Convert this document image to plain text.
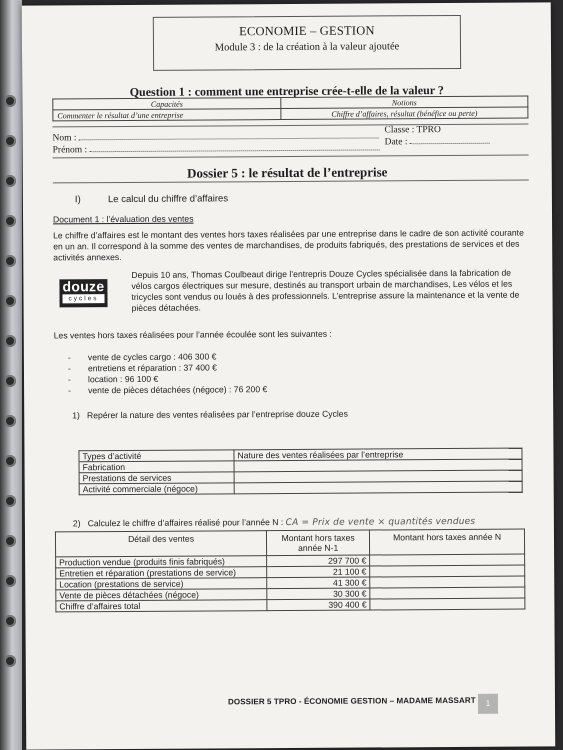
ECONOMIE – GESTION
Module 3 : de la création à la valeur ajoutée
Question 1 : comment une entreprise crée-t-elle de la valeur ?
Capacités	Notions
Commenter le résultat d’une entreprise	Chiffre d’affaires, résultat (bénéfice ou perte)
Nom :
Prénom :
Classe : TPRO
Date :
Dossier 5 : le résultat de l’entreprise
I)	Le calcul du chiffre d’affaires
Document 1 : l’évaluation des ventes
Le chiffre d’affaires est le montant des ventes hors taxes réalisées par une entreprise dans le cadre de son activité courante en un an. Il correspond à la somme des ventes de marchandises, de produits fabriqués, des prestations de services et des activités annexes.
douze
cycles
Depuis 10 ans, Thomas Coulbeaut dirige l’entrepris Douze Cycles spécialisée dans la fabrication de vélos cargos électriques sur mesure, destinés au transport urbain de marchandises, Les vélos et les tricycles sont vendus ou loués à des professionnels. L’entreprise assure la maintenance et la vente de pièces détachées.
Les ventes hors taxes réalisées pour l’année écoulée sont les suivantes :
- vente de cycles cargo : 406 300 €
- entretiens et réparation : 37 400 €
- location : 96 100 €
- vente de pièces détachées (négoce) : 76 200 €
1)   Repérer la nature des ventes réalisées par l’entreprise douze Cycles
Types d’activité	Nature des ventes réalisées par l’entreprise
Fabrication	
Prestations de services	
Activité commerciale (négoce)	
2)   Calculez le chiffre d’affaires réalisé pour l’année N : CA = Prix de vente × quantités vendues
Détail des ventes	Montant hors taxes année N-1	Montant hors taxes année N
Production vendue (produits finis fabriqués)	297 700 €	
Entretien et réparation (prestations de service)	21 100 €	
Location (prestations de service)	41 300 €	
Vente de pièces détachées (négoce)	30 300 €	
Chiffre d’affaires total	390 400 €	
DOSSIER 5 TPRO - ÉCONOMIE GESTION – MADAME MASSART	1
